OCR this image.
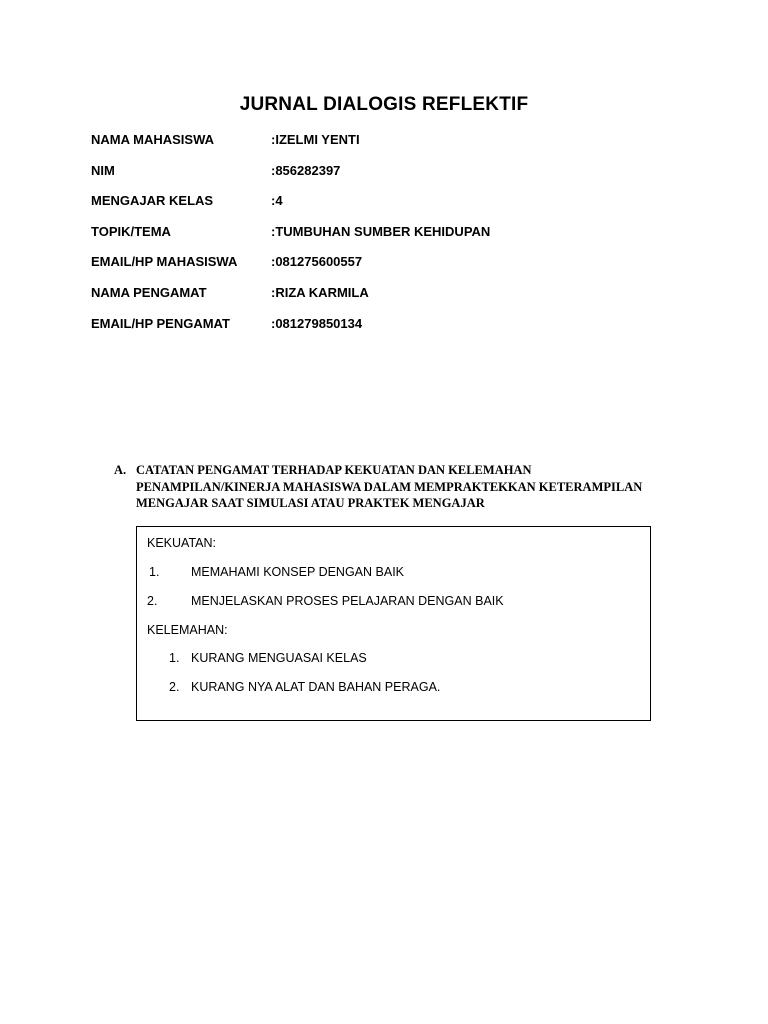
JURNAL DIALOGIS REFLEKTIF
NAMA MAHASISWA	:IZELMI YENTI
NIM	:856282397
MENGAJAR KELAS	:4
TOPIK/TEMA	:TUMBUHAN SUMBER KEHIDUPAN
EMAIL/HP MAHASISWA	:081275600557
NAMA PENGAMAT	:RIZA KARMILA
EMAIL/HP PENGAMAT	:081279850134
A. CATATAN PENGAMAT TERHADAP KEKUATAN DAN KELEMAHAN PENAMPILAN/KINERJA MAHASISWA DALAM MEMPRAKTEKKAN KETERAMPILAN MENGAJAR SAAT SIMULASI ATAU PRAKTEK MENGAJAR
KEKUATAN:
1.	MEMAHAMI KONSEP DENGAN BAIK
2.	MENJELASKAN PROSES PELAJARAN DENGAN BAIK
KELEMAHAN:
1. KURANG MENGUASAI KELAS
2. KURANG NYA ALAT DAN BAHAN PERAGA.
